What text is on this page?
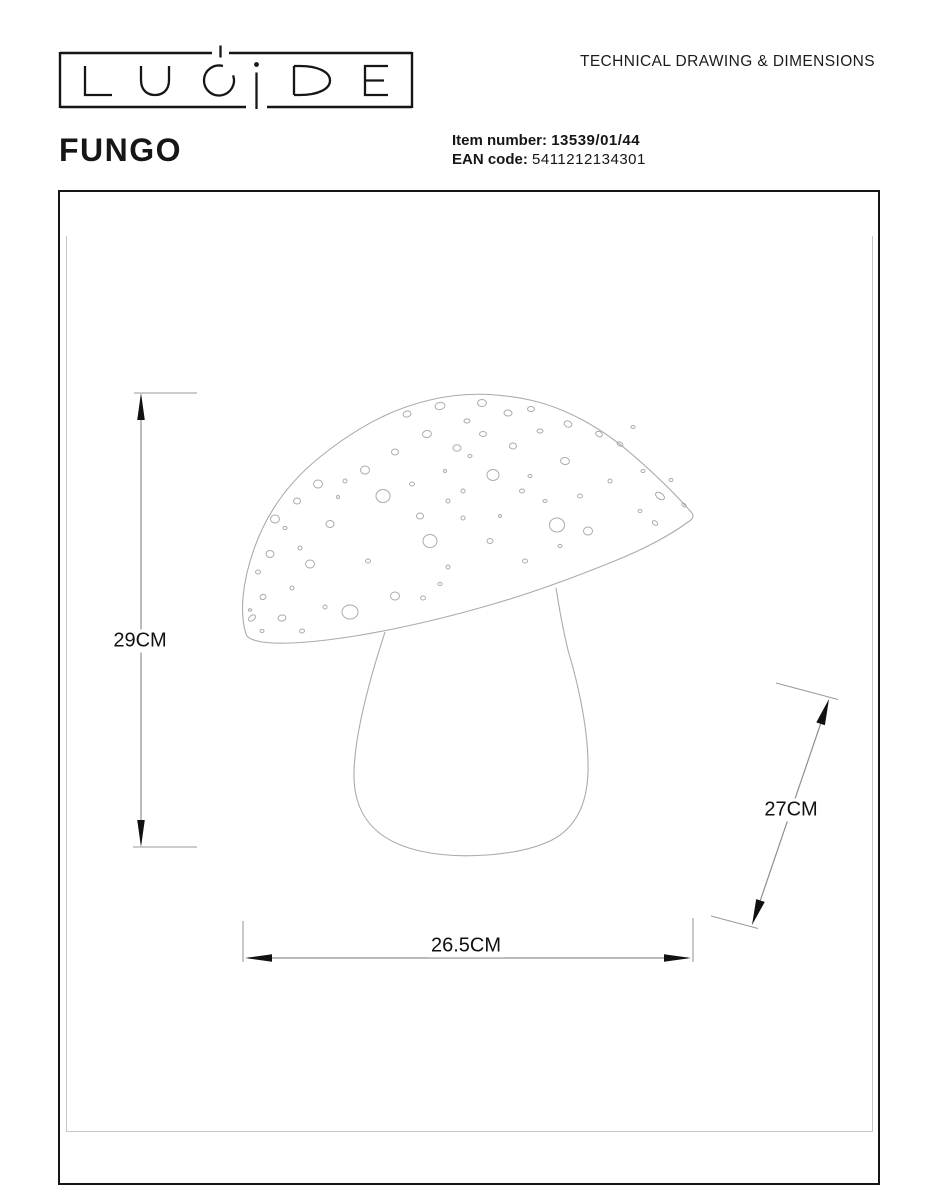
TECHNICAL DRAWING & DIMENSIONS
Item number: 13539/01/44
EAN code: 5411212134301
FUNGO
29CM
26.5CM
27CM
